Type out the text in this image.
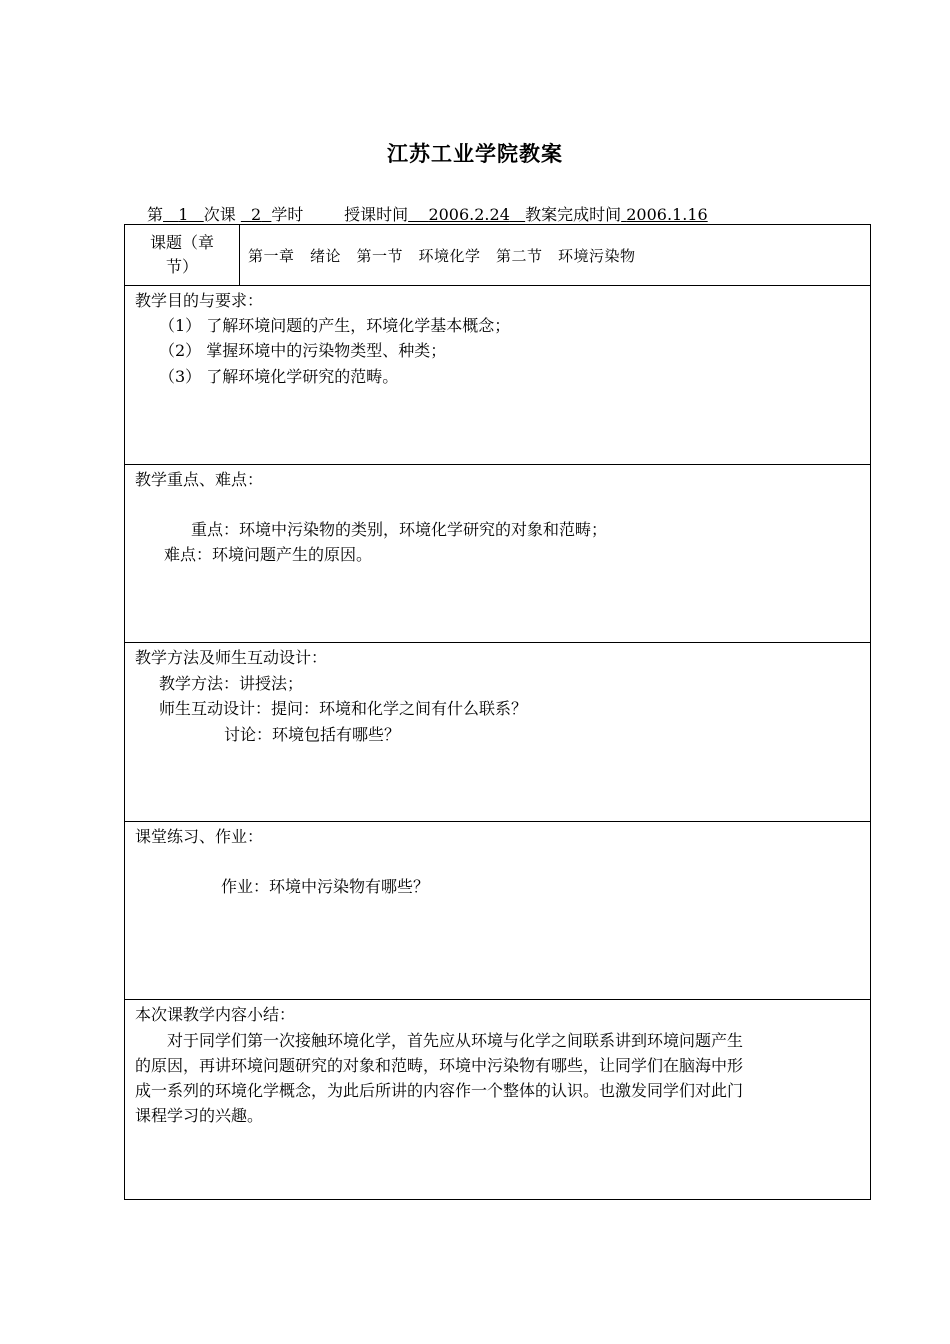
江苏工业学院教案
第 1 次课 2 学时	授课时间 2006.2.24 教案完成时间 2006.1.16
课题（章
节）
第一章　绪论　第一节　环境化学　第二节　环境污染物
教学目的与要求：
（1） 了解环境问题的产生，环境化学基本概念；
（2） 掌握环境中的污染物类型、种类；
（3） 了解环境化学研究的范畴。
教学重点、难点：
重点：环境中污染物的类别，环境化学研究的对象和范畴；
难点：环境问题产生的原因。
教学方法及师生互动设计：
教学方法：讲授法；
师生互动设计：提问：环境和化学之间有什么联系？
讨论：环境包括有哪些？
课堂练习、作业：
作业：环境中污染物有哪些？
本次课教学内容小结：
对于同学们第一次接触环境化学，首先应从环境与化学之间联系讲到环境问题产生
的原因，再讲环境问题研究的对象和范畴，环境中污染物有哪些，让同学们在脑海中形
成一系列的环境化学概念，为此后所讲的内容作一个整体的认识。也激发同学们对此门
课程学习的兴趣。
